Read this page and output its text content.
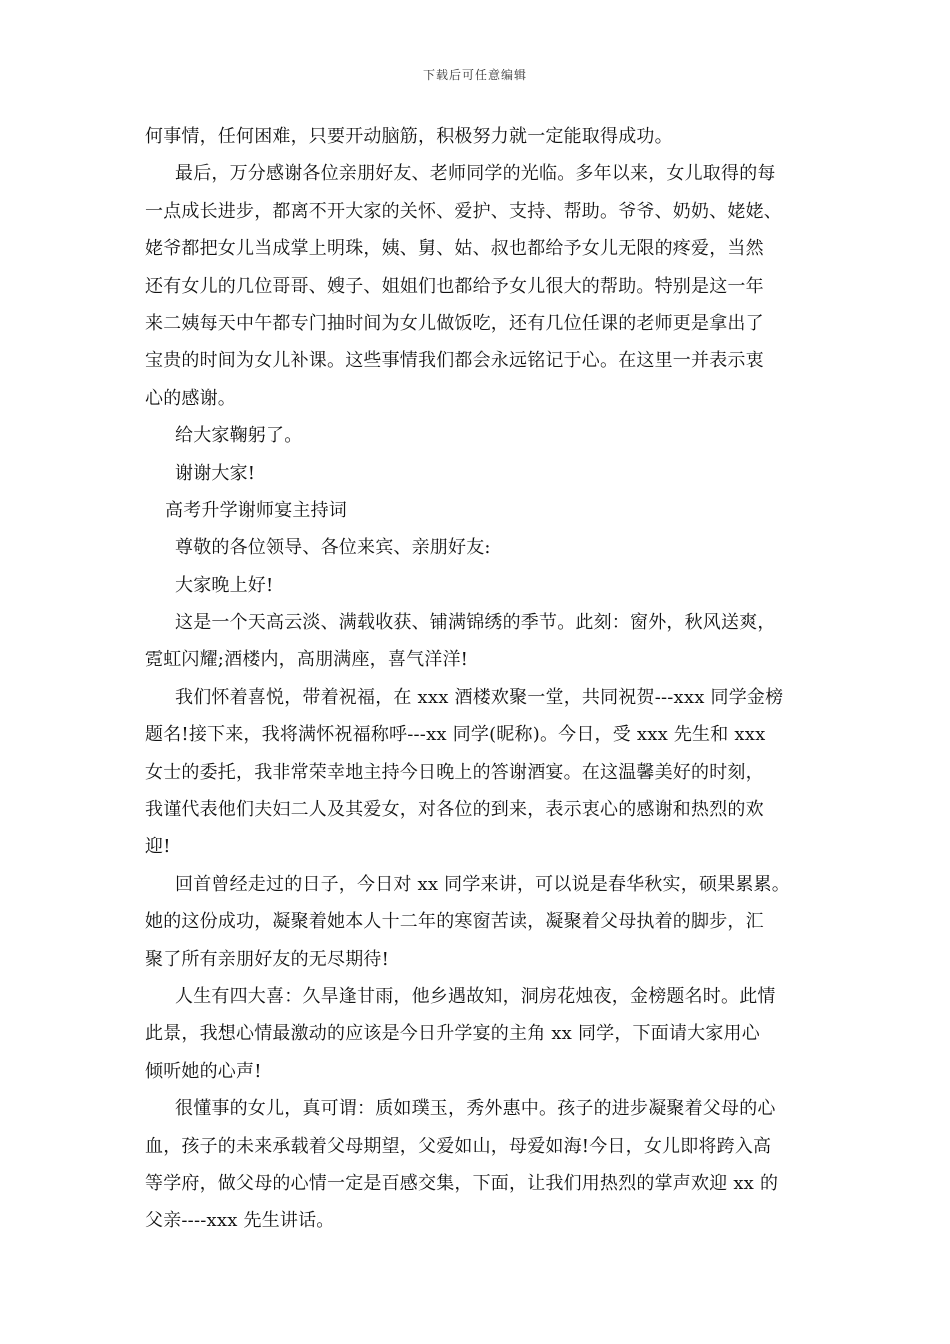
下载后可任意编辑
何事情，任何困难，只要开动脑筋，积极努力就一定能取得成功。
最后，万分感谢各位亲朋好友、老师同学的光临。多年以来，女儿取得的每
一点成长进步，都离不开大家的关怀、爱护、支持、帮助。爷爷、奶奶、姥姥、
姥爷都把女儿当成掌上明珠，姨、舅、姑、叔也都给予女儿无限的疼爱，当然
还有女儿的几位哥哥、嫂子、姐姐们也都给予女儿很大的帮助。特别是这一年
来二姨每天中午都专门抽时间为女儿做饭吃，还有几位任课的老师更是拿出了
宝贵的时间为女儿补课。这些事情我们都会永远铭记于心。在这里一并表示衷
心的感谢。
给大家鞠躬了。
谢谢大家!
高考升学谢师宴主持词
尊敬的各位领导、各位来宾、亲朋好友:
大家晚上好!
这是一个天高云淡、满载收获、铺满锦绣的季节。此刻：窗外，秋风送爽，
霓虹闪耀;酒楼内，高朋满座，喜气洋洋!
我们怀着喜悦，带着祝福，在 xxx 酒楼欢聚一堂，共同祝贺---xxx 同学金榜
题名!接下来，我将满怀祝福称呼---xx 同学(昵称)。今日，受 xxx 先生和 xxx
女士的委托，我非常荣幸地主持今日晚上的答谢酒宴。在这温馨美好的时刻，
我谨代表他们夫妇二人及其爱女，对各位的到来，表示衷心的感谢和热烈的欢
迎!
回首曾经走过的日子，今日对 xx 同学来讲，可以说是春华秋实，硕果累累。
她的这份成功，凝聚着她本人十二年的寒窗苦读，凝聚着父母执着的脚步，汇
聚了所有亲朋好友的无尽期待!
人生有四大喜：久旱逢甘雨，他乡遇故知，洞房花烛夜，金榜题名时。此情
此景，我想心情最激动的应该是今日升学宴的主角 xx 同学，下面请大家用心
倾听她的心声!
很懂事的女儿，真可谓：质如璞玉，秀外惠中。孩子的进步凝聚着父母的心
血，孩子的未来承载着父母期望，父爱如山，母爱如海!今日，女儿即将跨入高
等学府，做父母的心情一定是百感交集，下面，让我们用热烈的掌声欢迎 xx 的
父亲----xxx 先生讲话。
